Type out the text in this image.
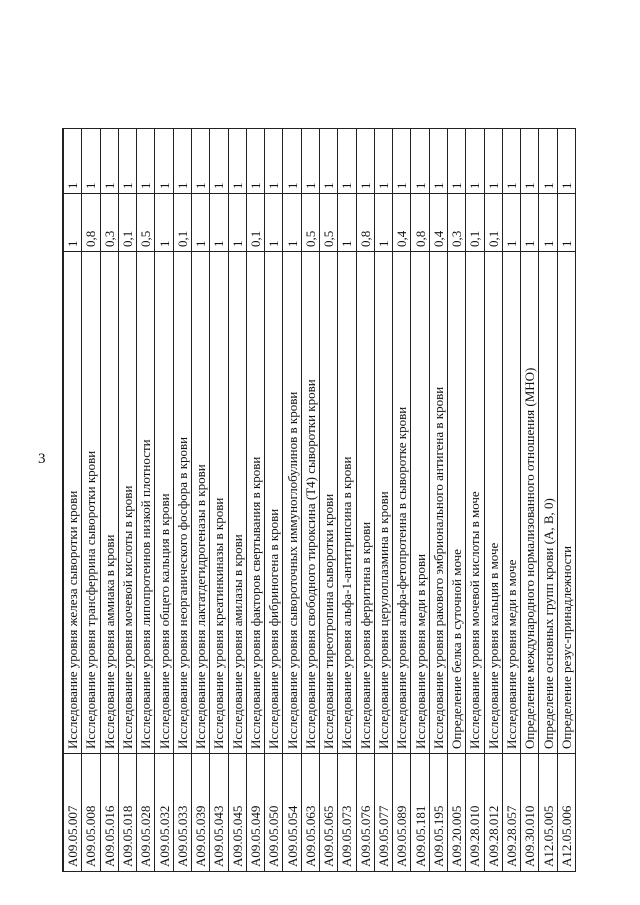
3
A09.05.007
Исследование уровня железа сыворотки крови
1
1
A09.05.008
Исследование уровня трансферрина сыворотки крови
0,8
1
A09.05.016
Исследование уровня аммиака в крови
0,3
1
A09.05.018
Исследование уровня мочевой кислоты в крови
0,1
1
A09.05.028
Исследование уровня липопротеинов низкой плотности
0,5
1
A09.05.032
Исследование уровня общего кальция в крови
1
1
A09.05.033
Исследование уровня неорганического фосфора в крови
0,1
1
A09.05.039
Исследование уровня лактатдегидрогеназы в крови
1
1
A09.05.043
Исследование уровня креатинкиназы в крови
1
1
A09.05.045
Исследование уровня амилазы в крови
1
1
A09.05.049
Исследование уровня факторов свертывания в крови
0,1
1
A09.05.050
Исследование уровня фибриногена в крови
1
1
A09.05.054
Исследование уровня сывороточных иммуноглобулинов в крови
1
1
A09.05.063
Исследование уровня свободного тироксина (T4) сыворотки крови
0,5
1
A09.05.065
Исследование тиреотропина сыворотки крови
0,5
1
A09.05.073
Исследование уровня альфа-1-антитрипсина в крови
1
1
A09.05.076
Исследование уровня ферритина в крови
0,8
1
A09.05.077
Исследование уровня церулоплазмина в крови
1
1
A09.05.089
Исследование уровня альфа-фетопротеина в сыворотке крови
0,4
1
A09.05.181
Исследование уровня меди в крови
0,8
1
A09.05.195
Исследование уровня ракового эмбрионального антигена в крови
0,4
1
A09.20.005
Определение белка в суточной моче
0,3
1
A09.28.010
Исследование уровня мочевой кислоты в моче
0,1
1
A09.28.012
Исследование уровня кальция в моче
0,1
1
A09.28.057
Исследование уровня меди в моче
1
1
A09.30.010
Определение международного нормализованного отношения (MHO)
1
1
A12.05.005
Определение основных групп крови (A, B, 0)
1
1
A12.05.006
Определение резус-принадлежности
1
1
